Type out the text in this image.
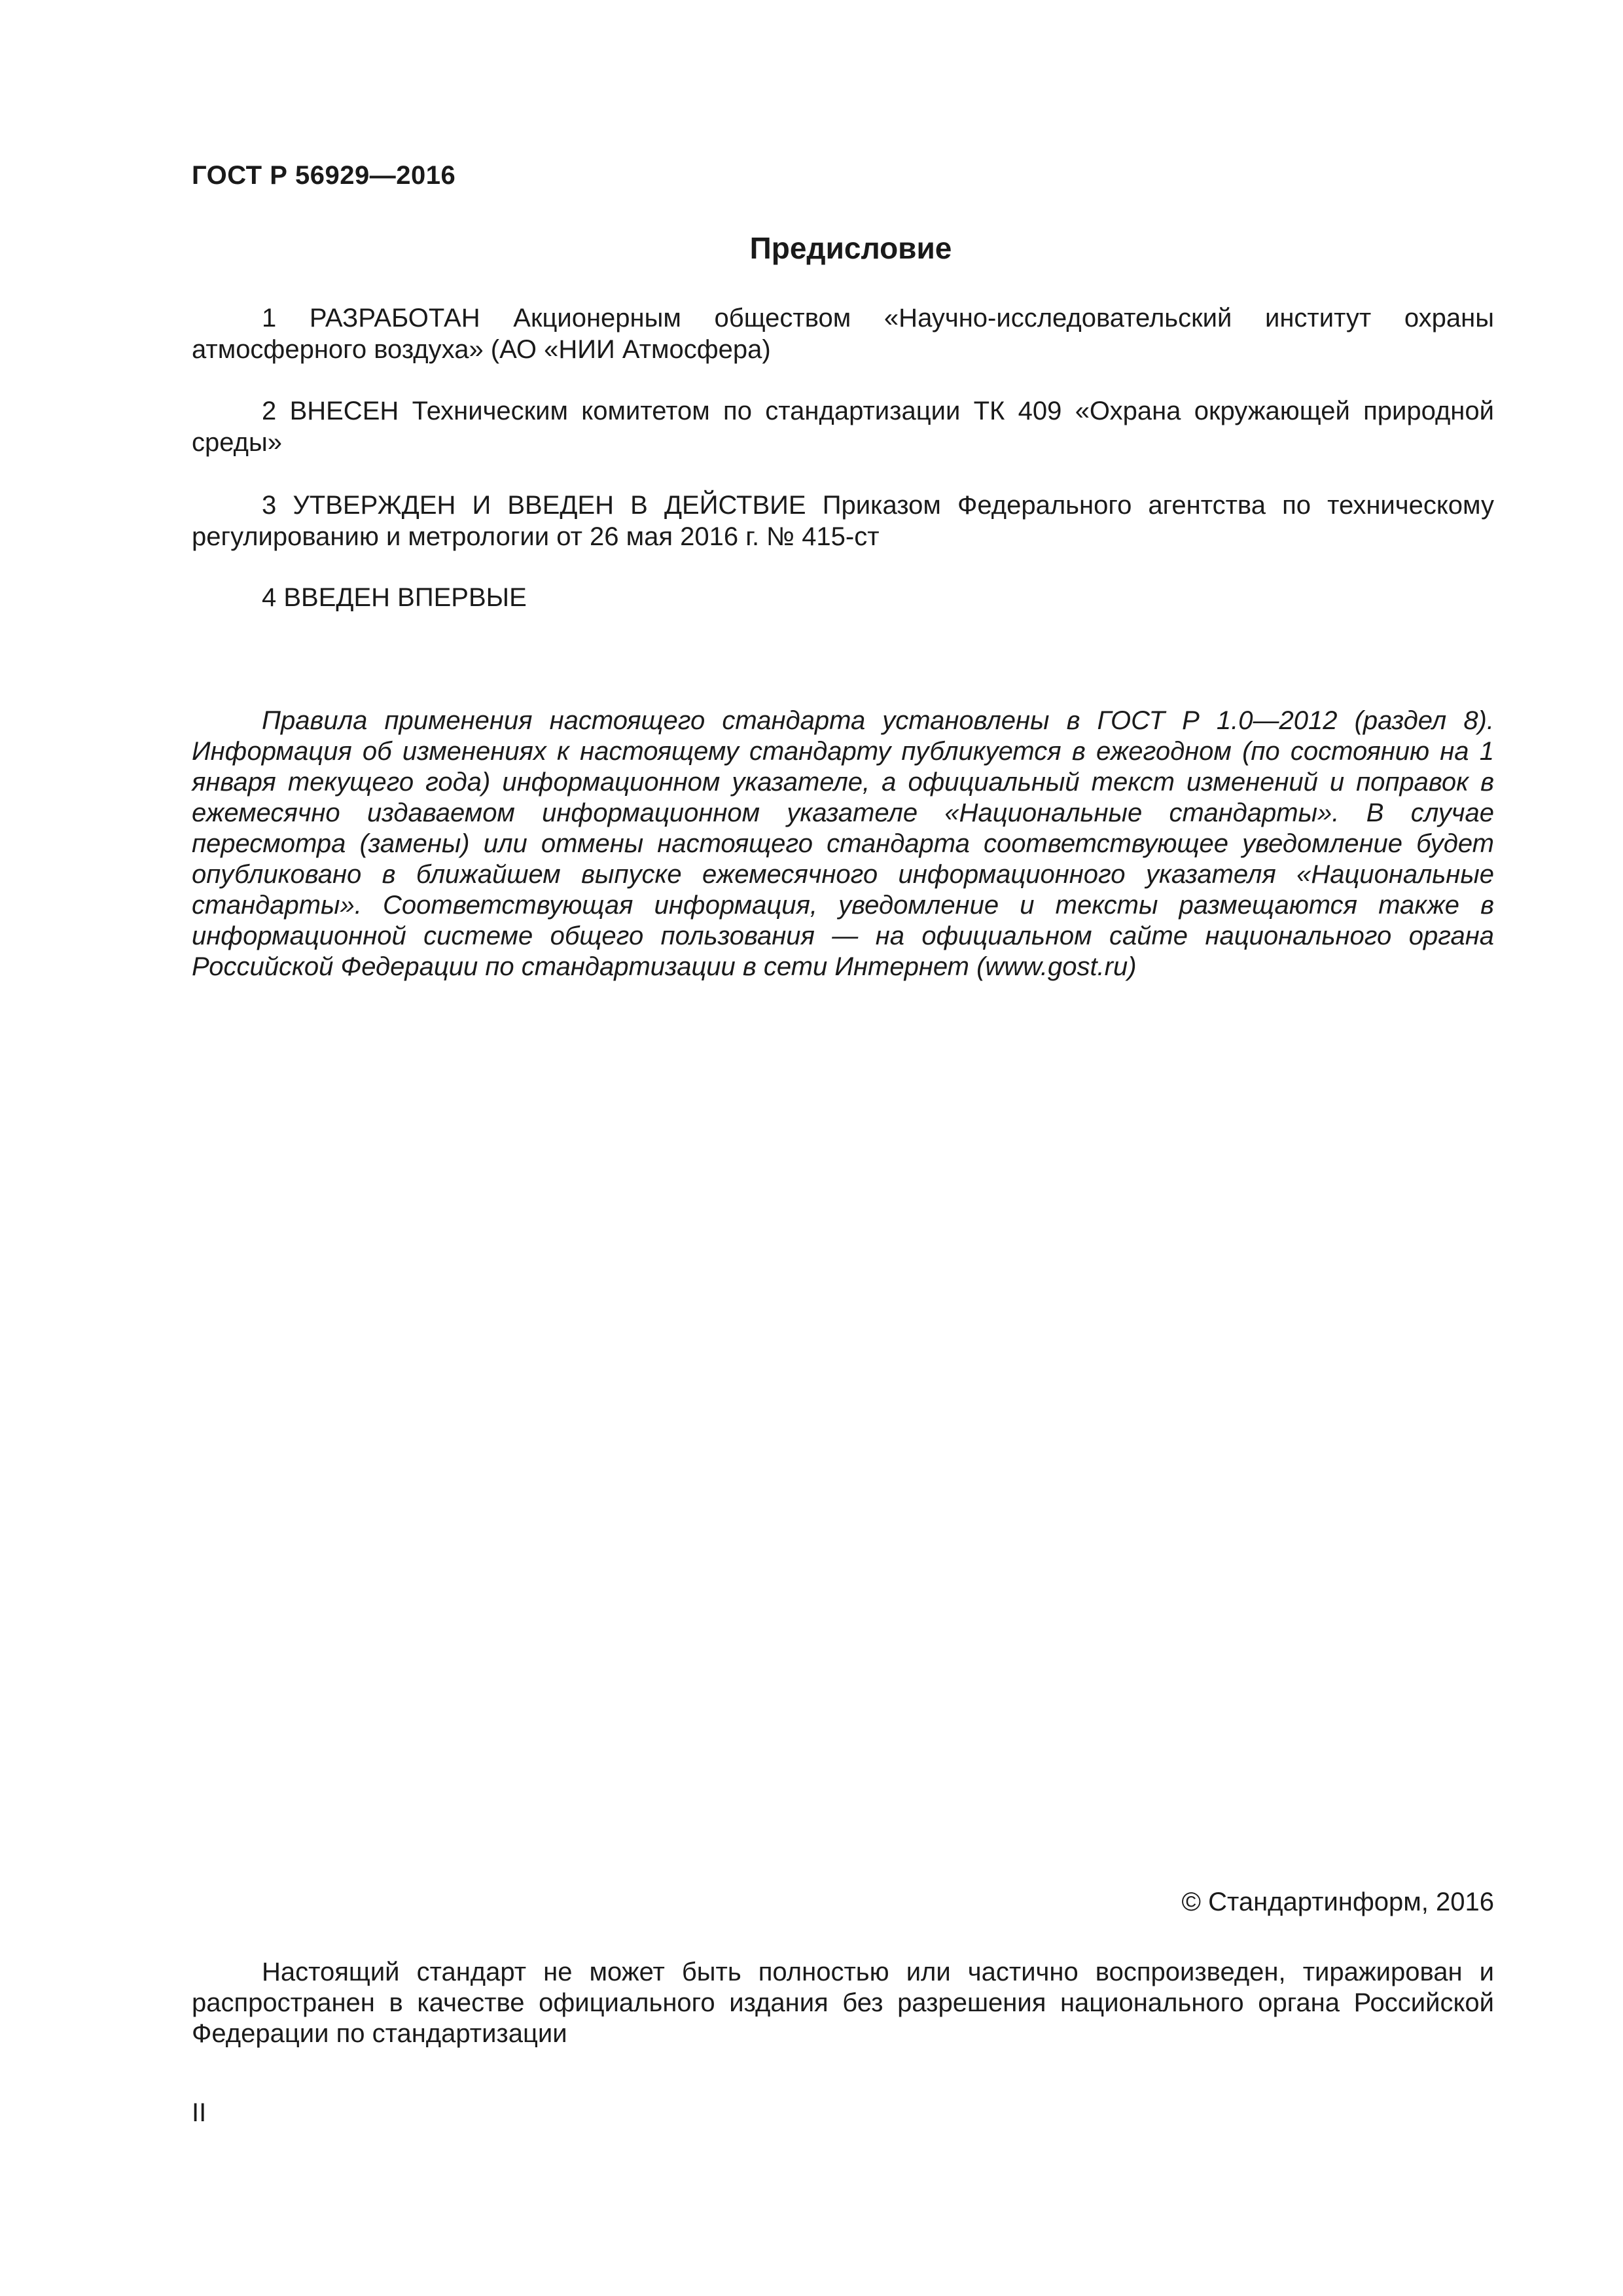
ГОСТ Р 56929—2016
Предисловие
1 РАЗРАБОТАН Акционерным обществом «Научно-исследовательский институт охраны атмосферного воздуха» (АО «НИИ Атмосфера)
2 ВНЕСЕН Техническим комитетом по стандартизации ТК 409 «Охрана окружающей природной среды»
3 УТВЕРЖДЕН И ВВЕДЕН В ДЕЙСТВИЕ Приказом Федерального агентства по техническому регулированию и метрологии от 26 мая 2016 г. № 415-ст
4 ВВЕДЕН ВПЕРВЫЕ
Правила применения настоящего стандарта установлены в ГОСТ Р 1.0—2012 (раздел 8). Информация об изменениях к настоящему стандарту публикуется в ежегодном (по состоянию на 1 января текущего года) информационном указателе, а официальный текст изменений и поправок в ежемесячно издаваемом информационном указателе «Национальные стандарты». В случае пересмотра (замены) или отмены настоящего стандарта соответствующее уведомление будет опубликовано в ближайшем выпуске ежемесячного информационного указателя «Национальные стандарты». Соответствующая информация, уведомление и тексты размещаются также в информационной системе общего пользования — на официальном сайте национального органа Российской Федерации по стандартизации в сети Интернет (www.gost.ru)
© Стандартинформ, 2016
Настоящий стандарт не может быть полностью или частично воспроизведен, тиражирован и распространен в качестве официального издания без разрешения национального органа Российской Федерации по стандартизации
II
